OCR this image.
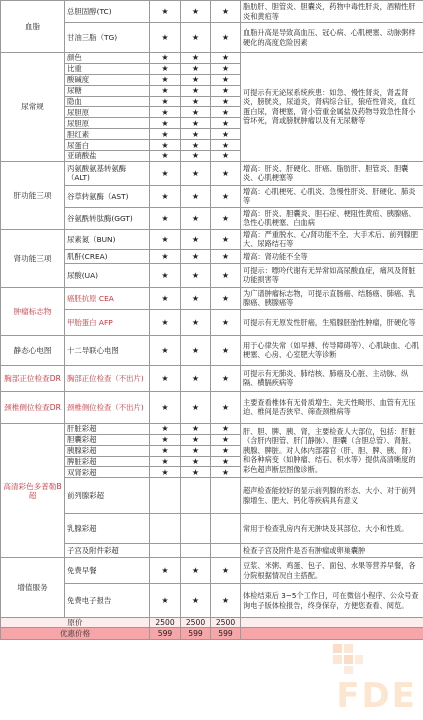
血脂	总胆固醇(TC)	★	★	★	脂肪肝、胆管炎、胆囊炎，药物中毒性肝炎，酒精性肝炎和黄疸等
	甘油三脂（TG)	★	★	★	血脂升高是导致高血压、冠心病、心肌梗塞、动脉粥样硬化的高度危险因素
尿常规	颜色	★	★	★	可提示有无泌尿系统疾患：如急、慢性肾炎，肾盂肾炎，膀胱炎，尿道炎，肾病综合征，狼疮性肾炎，血红蛋白尿，肾梗塞，肾小管重金属盐及药物导致急性肾小管坏死，肾或膀胱肿瘤以及有无尿糖等
	比重	★	★	★	
	酸碱度	★	★	★	
	尿糖	★	★	★	
	隐血	★	★	★	
	尿胆原	★	★	★	
	尿胆原	★	★	★	
	胆红素	★	★	★	
	尿蛋白	★	★	★	
	亚硝酸盐	★	★	★	
肝功能三项	丙氨酸氨基转氨酶（ALT)	★	★	★	增高：肝炎、肝硬化、肝癌、脂肪肝、胆管炎、胆囊炎、心肌梗塞等
	谷草转氨酶（AST)	★	★	★	增高：心肌梗死、心肌炎、急慢性肝炎、肝硬化、肺炎等
	谷氨酰转肽酶(GGT)	★	★	★	增高：肝炎、胆囊炎、胆石症、梗阻性黄疸、胰腺癌、急性心肌梗塞、白血病
肾功能三项	尿素氮（BUN)	★	★	★	增高：严重脱水、心/肾功能不全、大手术后、前列腺肥大、尿路结石等
	肌酐(CREA)	★	★	★	增高：肾功能不全等
	尿酸(UA)	★	★	★	可提示：嘌呤代谢有无异常如高尿酸血症，痛风及肾脏功能损害等
肿瘤标志物	癌胚抗原 CEA	★	★	★	为广谱肿瘤标志物，可提示直肠癌、结肠癌、肺癌、乳腺癌、胰腺癌等
	甲胎蛋白 AFP	★	★	★	可提示有无原发性肝癌，生殖腺胚胎性肿瘤，肝硬化等
静态心电图	十二导联心电图	★	★	★	用于心律失常（如早搏、传导障碍等）、心肌缺血、心肌梗塞、心房、心室肥大等诊断
胸部正位检查DR	胸部正位检查（不出片)	★	★	★	可提示有无肺炎、肺结核、肺癌及心脏、主动脉、纵隔、横膈疾病等
颈椎侧位检查DR	颈椎侧位检查（不出片)	★	★	★	主要查看椎体有无骨质增生、先天性畸形、血管有无压迫、椎间是否狭窄、筛查颈椎病等
高清彩色多普勒B超	肝脏彩超	★	★	★	肝、胆、脾、胰、肾，主要检查人大部位，包括：肝脏（含肝内胆管、肝门静脉）、胆囊（含胆总管）、肾脏、胰腺、脾脏。对人体内部器官（肝、胆、脾、胰、肾）和各种病变（如肿瘤、结石、积水等）提供高清晰度的彩色超声断层图像诊断。
	胆囊彩超	★	★	★	
	胰腺彩超	★	★	★	
	脾脏彩超	★	★	★	
	双肾彩超	★	★	★	
	前列腺彩超				超声检查能较好的显示前列腺的形态、大小、对于前列腺增生、肥大、钙化等疾病具有意义
	乳腺彩超				常用于检查乳房内有无肿块及其部位、大小和性质。
	子宫及附件彩超				检查子宫及附件是否有肿瘤或卵巢囊肿
增值服务	免费早餐	★	★	★	豆浆、米粥、鸡蛋、包子、面包、水果等营养早餐，各分院根据情况自主搭配。
	免费电子报告	★	★	★	体检结束后 3~5个工作日，可在微信小程序、公众号查询电子版体检报告，终身保存，方便您查看、阅览。
原价		2500	2500	2500	
优惠价格		599	599	599	
FDE
